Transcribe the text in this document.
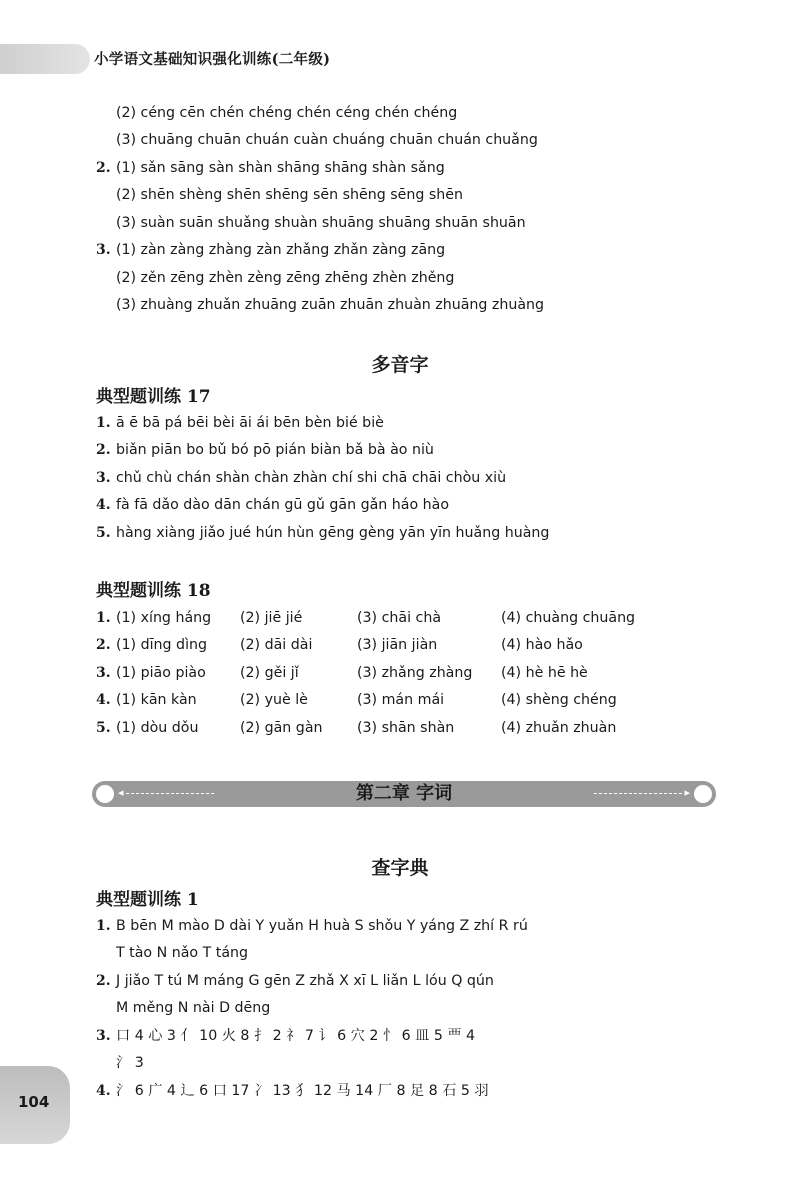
小学语文基础知识强化训练(二年级)
(2) céng cēn chén chéng chén céng chén chéng
(3) chuāng chuān chuán cuàn chuáng chuān chuán chuǎng
2. (1) sǎn sāng sàn shàn shāng shāng shàn sǎng
(2) shēn shèng shēn shēng sēn shēng sēng shēn
(3) suàn suān shuǎng shuàn shuāng shuāng shuān shuān
3. (1) zàn zàng zhàng zàn zhǎng zhǎn zàng zāng
(2) zěn zēng zhèn zèng zēng zhēng zhèn zhěng
(3) zhuàng zhuǎn zhuāng zuān zhuān zhuàn zhuāng zhuàng
多音字
典型题训练 17
1. ā ē bā pá bēi bèi āi ái bēn bèn bié biè
2. biǎn piān bo bǔ bó pō pián biàn bǎ bà ào niù
3. chǔ chù chán shàn chàn zhàn chí shi chā chāi chòu xiù
4. fà fā dǎo dào dān chán gū gǔ gān gǎn háo hào
5. hàng xiàng jiǎo jué hún hùn gēng gèng yān yīn huǎng huàng
典型题训练 18
1. (1) xíng háng (2) jiē jié	(3) chāi chà	(4) chuàng chuāng
2. (1) dīng dìng (2) dāi dài	(3) jiān jiàn	(4) hào hǎo
3. (1) piāo piào (2) gěi jǐ	(3) zhǎng zhàng (4) hè hē hè
4. (1) kān kàn	(2) yuè lè	(3) mán mái	(4) shèng chéng
5. (1) dòu dǒu	(2) gān gàn (3) shān shàn	(4) zhuǎn zhuàn
◂	▸
第二章 字词
查字典
典型题训练 1
1. B bēn M mào D dài Y yuǎn H huà S shǒu Y yáng Z zhí R rú
T tào N nǎo T táng
2. J jiǎo T tú M máng G gēn Z zhǎ X xī L liǎn L lóu Q qún
M měng N nài D dēng
3. 口 4 心 3 亻 10 火 8 扌 2 礻 7 讠 6 穴 2 忄 6 皿 5 覀 4
氵 3
4. 氵 6 广 4 辶 6 口 17 冫 13 犭 12 马 14 厂 8 足 8 石 5 羽
104
